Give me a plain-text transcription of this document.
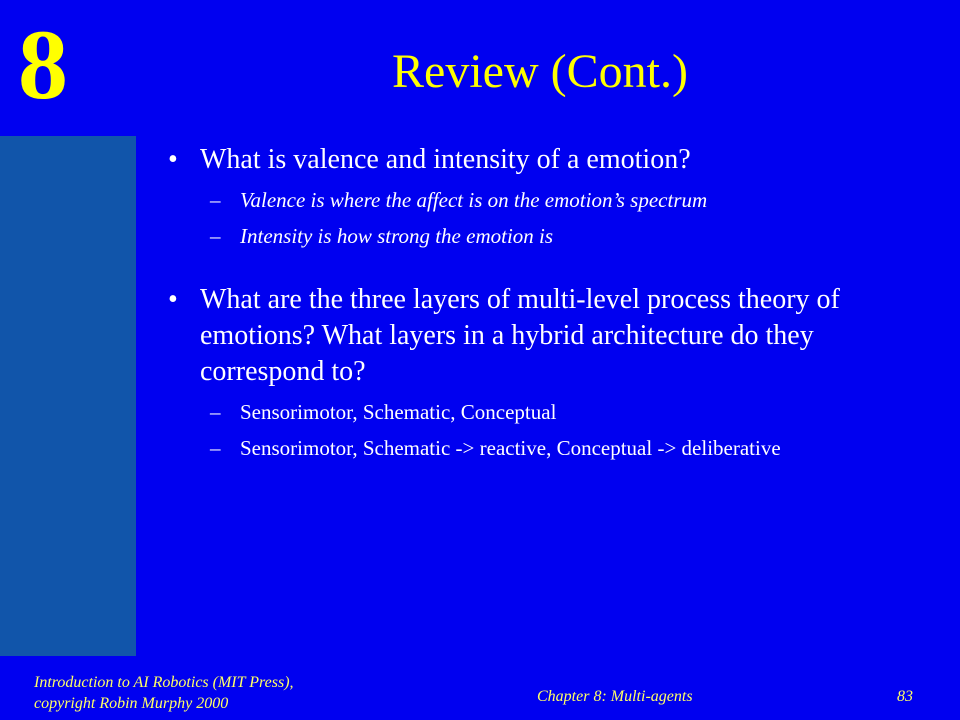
8	Review (Cont.)
• What is valence and intensity of a emotion?
– Valence is where the affect is on the emotion’s spectrum
– Intensity is how strong the emotion is
• What are the three layers of multi-level process theory of emotions? What layers in a hybrid architecture do they correspond to?
– Sensorimotor, Schematic, Conceptual
– Sensorimotor, Schematic -> reactive, Conceptual -> deliberative
Introduction to AI Robotics (MIT Press),
copyright Robin Murphy 2000	Chapter 8: Multi-agents	83
